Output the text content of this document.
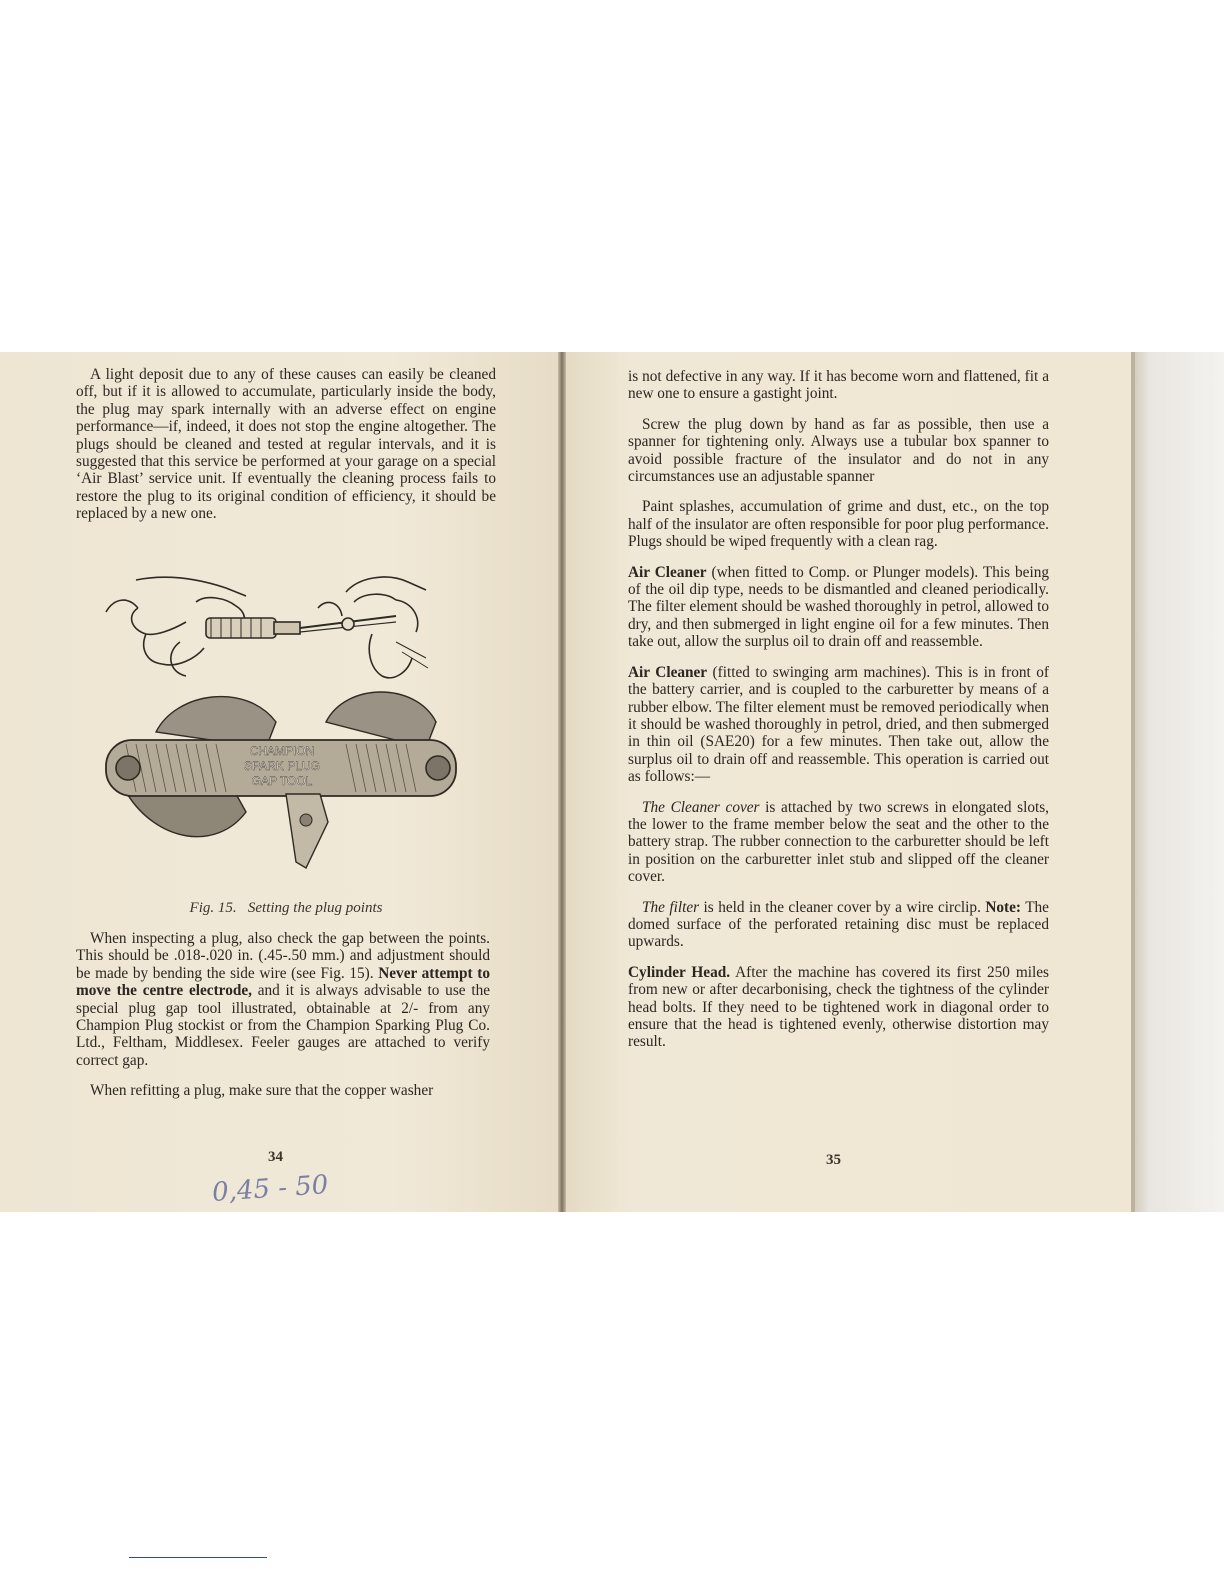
A light deposit due to any of these causes can easily be cleaned off, but if it is allowed to accumulate, particularly inside the body, the plug may spark internally with an adverse effect on engine performance—if, indeed, it does not stop the engine altogether. The plugs should be cleaned and tested at regular intervals, and it is suggested that this service be performed at your garage on a special ‘Air Blast’ service unit. If eventually the cleaning process fails to restore the plug to its original condition of efficiency, it should be replaced by a new one.

CHAMPION
SPARK PLUG
GAP TOOL
Fig. 15. Setting the plug points

When inspecting a plug, also check the gap between the points. This should be .018-.020 in. (.45-.50 mm.) and adjustment should be made by bending the side wire (see Fig. 15). Never attempt to move the centre electrode, and it is always advisable to use the special plug gap tool illustrated, obtainable at 2/- from any Champion Plug stockist or from the Champion Sparking Plug Co. Ltd., Feltham, Middlesex. Feeler gauges are attached to verify correct gap.

When refitting a plug, make sure that the copper washer

34
0,45 - 50

is not defective in any way. If it has become worn and flattened, fit a new one to ensure a gastight joint.

Screw the plug down by hand as far as possible, then use a spanner for tightening only. Always use a tubular box spanner to avoid possible fracture of the insulator and do not in any circumstances use an adjustable spanner

Paint splashes, accumulation of grime and dust, etc., on the top half of the insulator are often responsible for poor plug performance. Plugs should be wiped frequently with a clean rag.

Air Cleaner (when fitted to Comp. or Plunger models). This being of the oil dip type, needs to be dismantled and cleaned periodically. The filter element should be washed thoroughly in petrol, allowed to dry, and then submerged in light engine oil for a few minutes. Then take out, allow the surplus oil to drain off and reassemble.

Air Cleaner (fitted to swinging arm machines). This is in front of the battery carrier, and is coupled to the carburetter by means of a rubber elbow. The filter element must be removed periodically when it should be washed thoroughly in petrol, dried, and then submerged in thin oil (SAE20) for a few minutes. Then take out, allow the surplus oil to drain off and reassemble. This operation is carried out as follows:—

The Cleaner cover is attached by two screws in elongated slots, the lower to the frame member below the seat and the other to the battery strap. The rubber connection to the carburetter should be left in position on the carburetter inlet stub and slipped off the cleaner cover.

The filter is held in the cleaner cover by a wire circlip. Note: The domed surface of the perforated retaining disc must be replaced upwards.

Cylinder Head. After the machine has covered its first 250 miles from new or after decarbonising, check the tightness of the cylinder head bolts. If they need to be tightened work in diagonal order to ensure that the head is tightened evenly, otherwise distortion may result.

35
